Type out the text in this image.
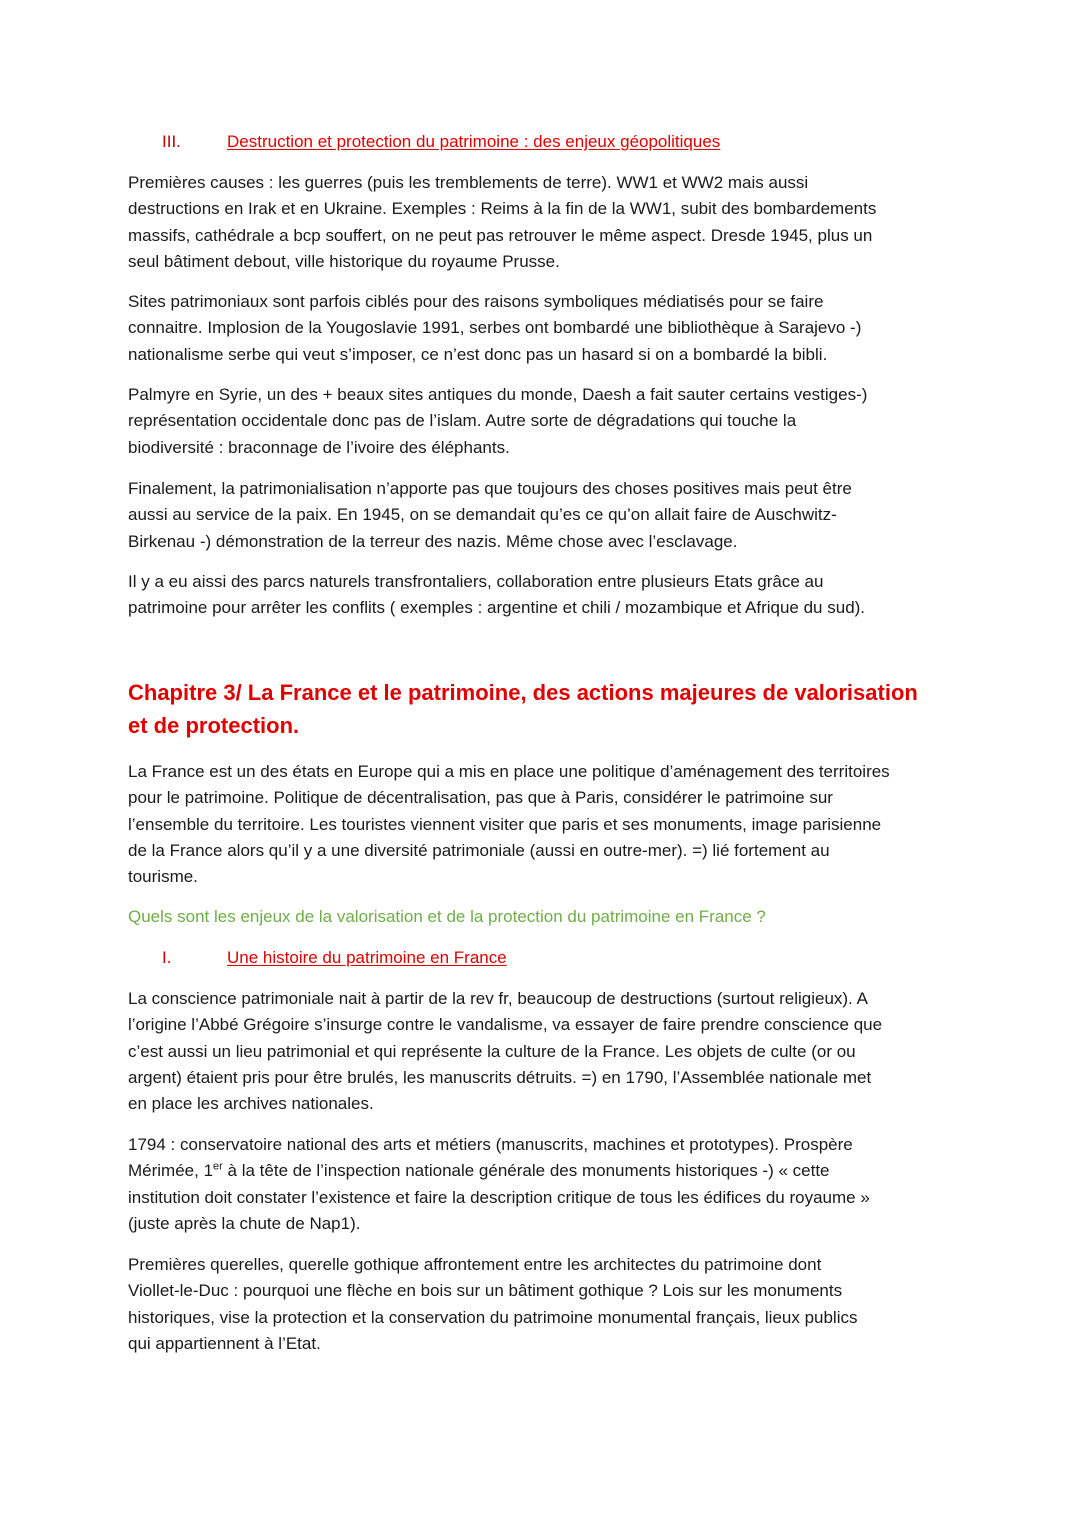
III.	Destruction et protection du patrimoine : des enjeux géopolitiques

Premières causes : les guerres (puis les tremblements de terre). WW1 et WW2 mais aussi
destructions en Irak et en Ukraine. Exemples : Reims à la fin de la WW1, subit des bombardements
massifs, cathédrale a bcp souffert, on ne peut pas retrouver le même aspect. Dresde 1945, plus un
seul bâtiment debout, ville historique du royaume Prusse.

Sites patrimoniaux sont parfois ciblés pour des raisons symboliques médiatisés pour se faire
connaitre. Implosion de la Yougoslavie 1991, serbes ont bombardé une bibliothèque à Sarajevo -)
nationalisme serbe qui veut s’imposer, ce n’est donc pas un hasard si on a bombardé la bibli.

Palmyre en Syrie, un des + beaux sites antiques du monde, Daesh a fait sauter certains vestiges-)
représentation occidentale donc pas de l’islam. Autre sorte de dégradations qui touche la
biodiversité : braconnage de l’ivoire des éléphants.

Finalement, la patrimonialisation n’apporte pas que toujours des choses positives mais peut être
aussi au service de la paix. En 1945, on se demandait qu’es ce qu’on allait faire de Auschwitz-
Birkenau -) démonstration de la terreur des nazis. Même chose avec l’esclavage.

Il y a eu aissi des parcs naturels transfrontaliers, collaboration entre plusieurs Etats grâce au
patrimoine pour arrêter les conflits ( exemples : argentine et chili / mozambique et Afrique du sud).

Chapitre 3/ La France et le patrimoine, des actions majeures de valorisation
et de protection.

La France est un des états en Europe qui a mis en place une politique d’aménagement des territoires
pour le patrimoine. Politique de décentralisation, pas que à Paris, considérer le patrimoine sur
l’ensemble du territoire. Les touristes viennent visiter que paris et ses monuments, image parisienne
de la France alors qu’il y a une diversité patrimoniale (aussi en outre-mer). =) lié fortement au
tourisme.

Quels sont les enjeux de la valorisation et de la protection du patrimoine en France ?
I.	Une histoire du patrimoine en France

La conscience patrimoniale nait à partir de la rev fr, beaucoup de destructions (surtout religieux). A
l’origine l’Abbé Grégoire s’insurge contre le vandalisme, va essayer de faire prendre conscience que
c’est aussi un lieu patrimonial et qui représente la culture de la France. Les objets de culte (or ou
argent) étaient pris pour être brulés, les manuscrits détruits. =) en 1790, l’Assemblée nationale met
en place les archives nationales.

1794 : conservatoire national des arts et métiers (manuscrits, machines et prototypes). Prospère
Mérimée, 1er à la tête de l’inspection nationale générale des monuments historiques -) « cette
institution doit constater l’existence et faire la description critique de tous les édifices du royaume »
(juste après la chute de Nap1).

Premières querelles, querelle gothique affrontement entre les architectes du patrimoine dont
Viollet-le-Duc : pourquoi une flèche en bois sur un bâtiment gothique ? Lois sur les monuments
historiques, vise la protection et la conservation du patrimoine monumental français, lieux publics
qui appartiennent à l’Etat.
